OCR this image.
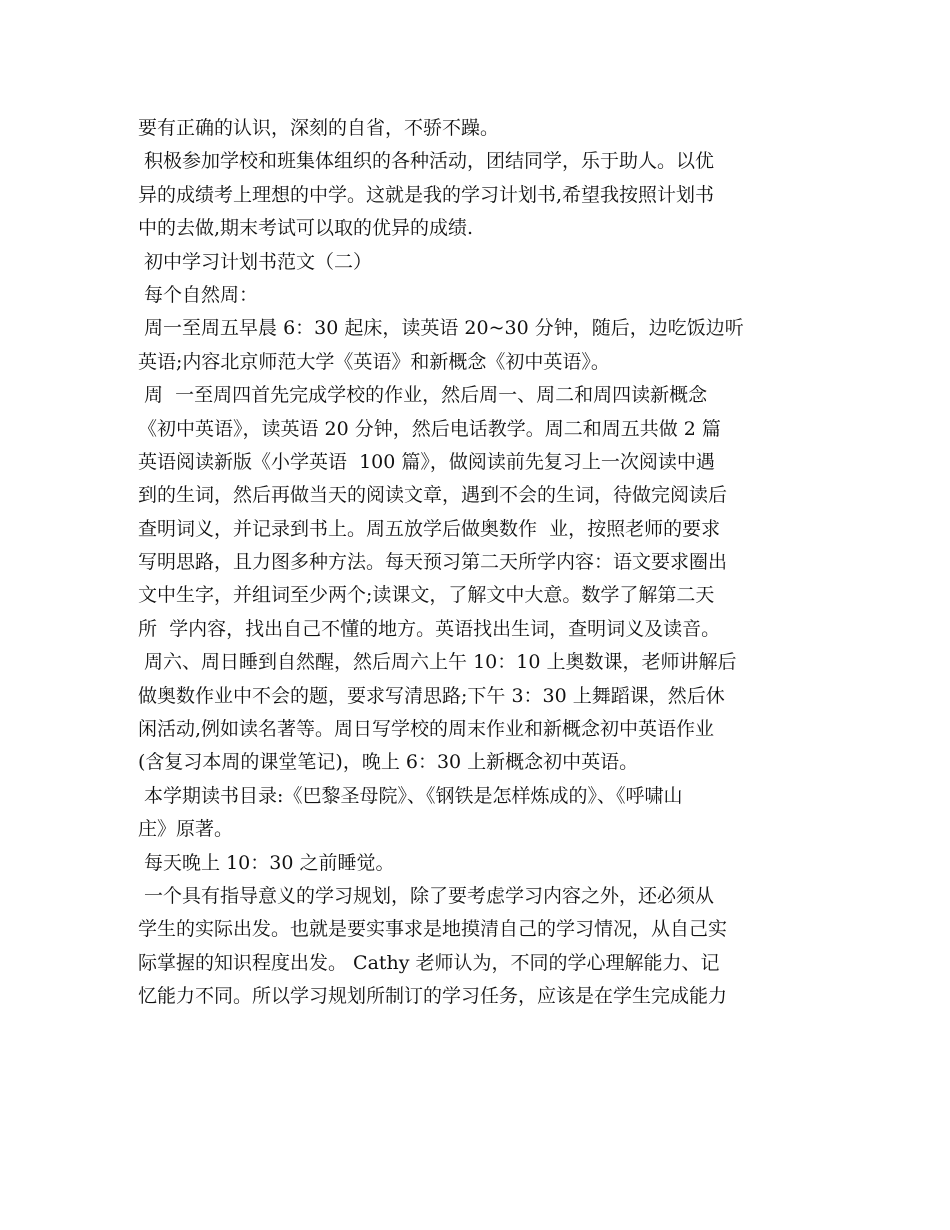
要有正确的认识，深刻的自省，不骄不躁。
积极参加学校和班集体组织的各种活动，团结同学，乐于助人。以优
异的成绩考上理想的中学。这就是我的学习计划书,希望我按照计划书
中的去做,期末考试可以取的优异的成绩.
初中学习计划书范文（二）
每个自然周：
周一至周五早晨 6：30 起床，读英语 20~30 分钟，随后，边吃饭边听
英语;内容北京师范大学《英语》和新概念《初中英语》。
周  一至周四首先完成学校的作业，然后周一、周二和周四读新概念
《初中英语》，读英语 20 分钟，然后电话教学。周二和周五共做 2 篇
英语阅读新版《小学英语  100 篇》，做阅读前先复习上一次阅读中遇
到的生词，然后再做当天的阅读文章，遇到不会的生词，待做完阅读后
查明词义，并记录到书上。周五放学后做奥数作  业，按照老师的要求
写明思路，且力图多种方法。每天预习第二天所学内容：语文要求圈出
文中生字，并组词至少两个;读课文，了解文中大意。数学了解第二天
所  学内容，找出自己不懂的地方。英语找出生词，查明词义及读音。
周六、周日睡到自然醒，然后周六上午 10：10 上奥数课，老师讲解后
做奥数作业中不会的题，要求写清思路;下午 3：30 上舞蹈课，然后休
闲活动,例如读名著等。周日写学校的周末作业和新概念初中英语作业
(含复习本周的课堂笔记)，晚上 6：30 上新概念初中英语。
本学期读书目录:《巴黎圣母院》、《钢铁是怎样炼成的》、《呼啸山
庄》原著。
每天晚上 10：30 之前睡觉。
一个具有指导意义的学习规划，除了要考虑学习内容之外，还必须从
学生的实际出发。也就是要实事求是地摸清自己的学习情况，从自己实
际掌握的知识程度出发。 Cathy 老师认为，不同的学心理解能力、记
忆能力不同。所以学习规划所制订的学习任务，应该是在学生完成能力
